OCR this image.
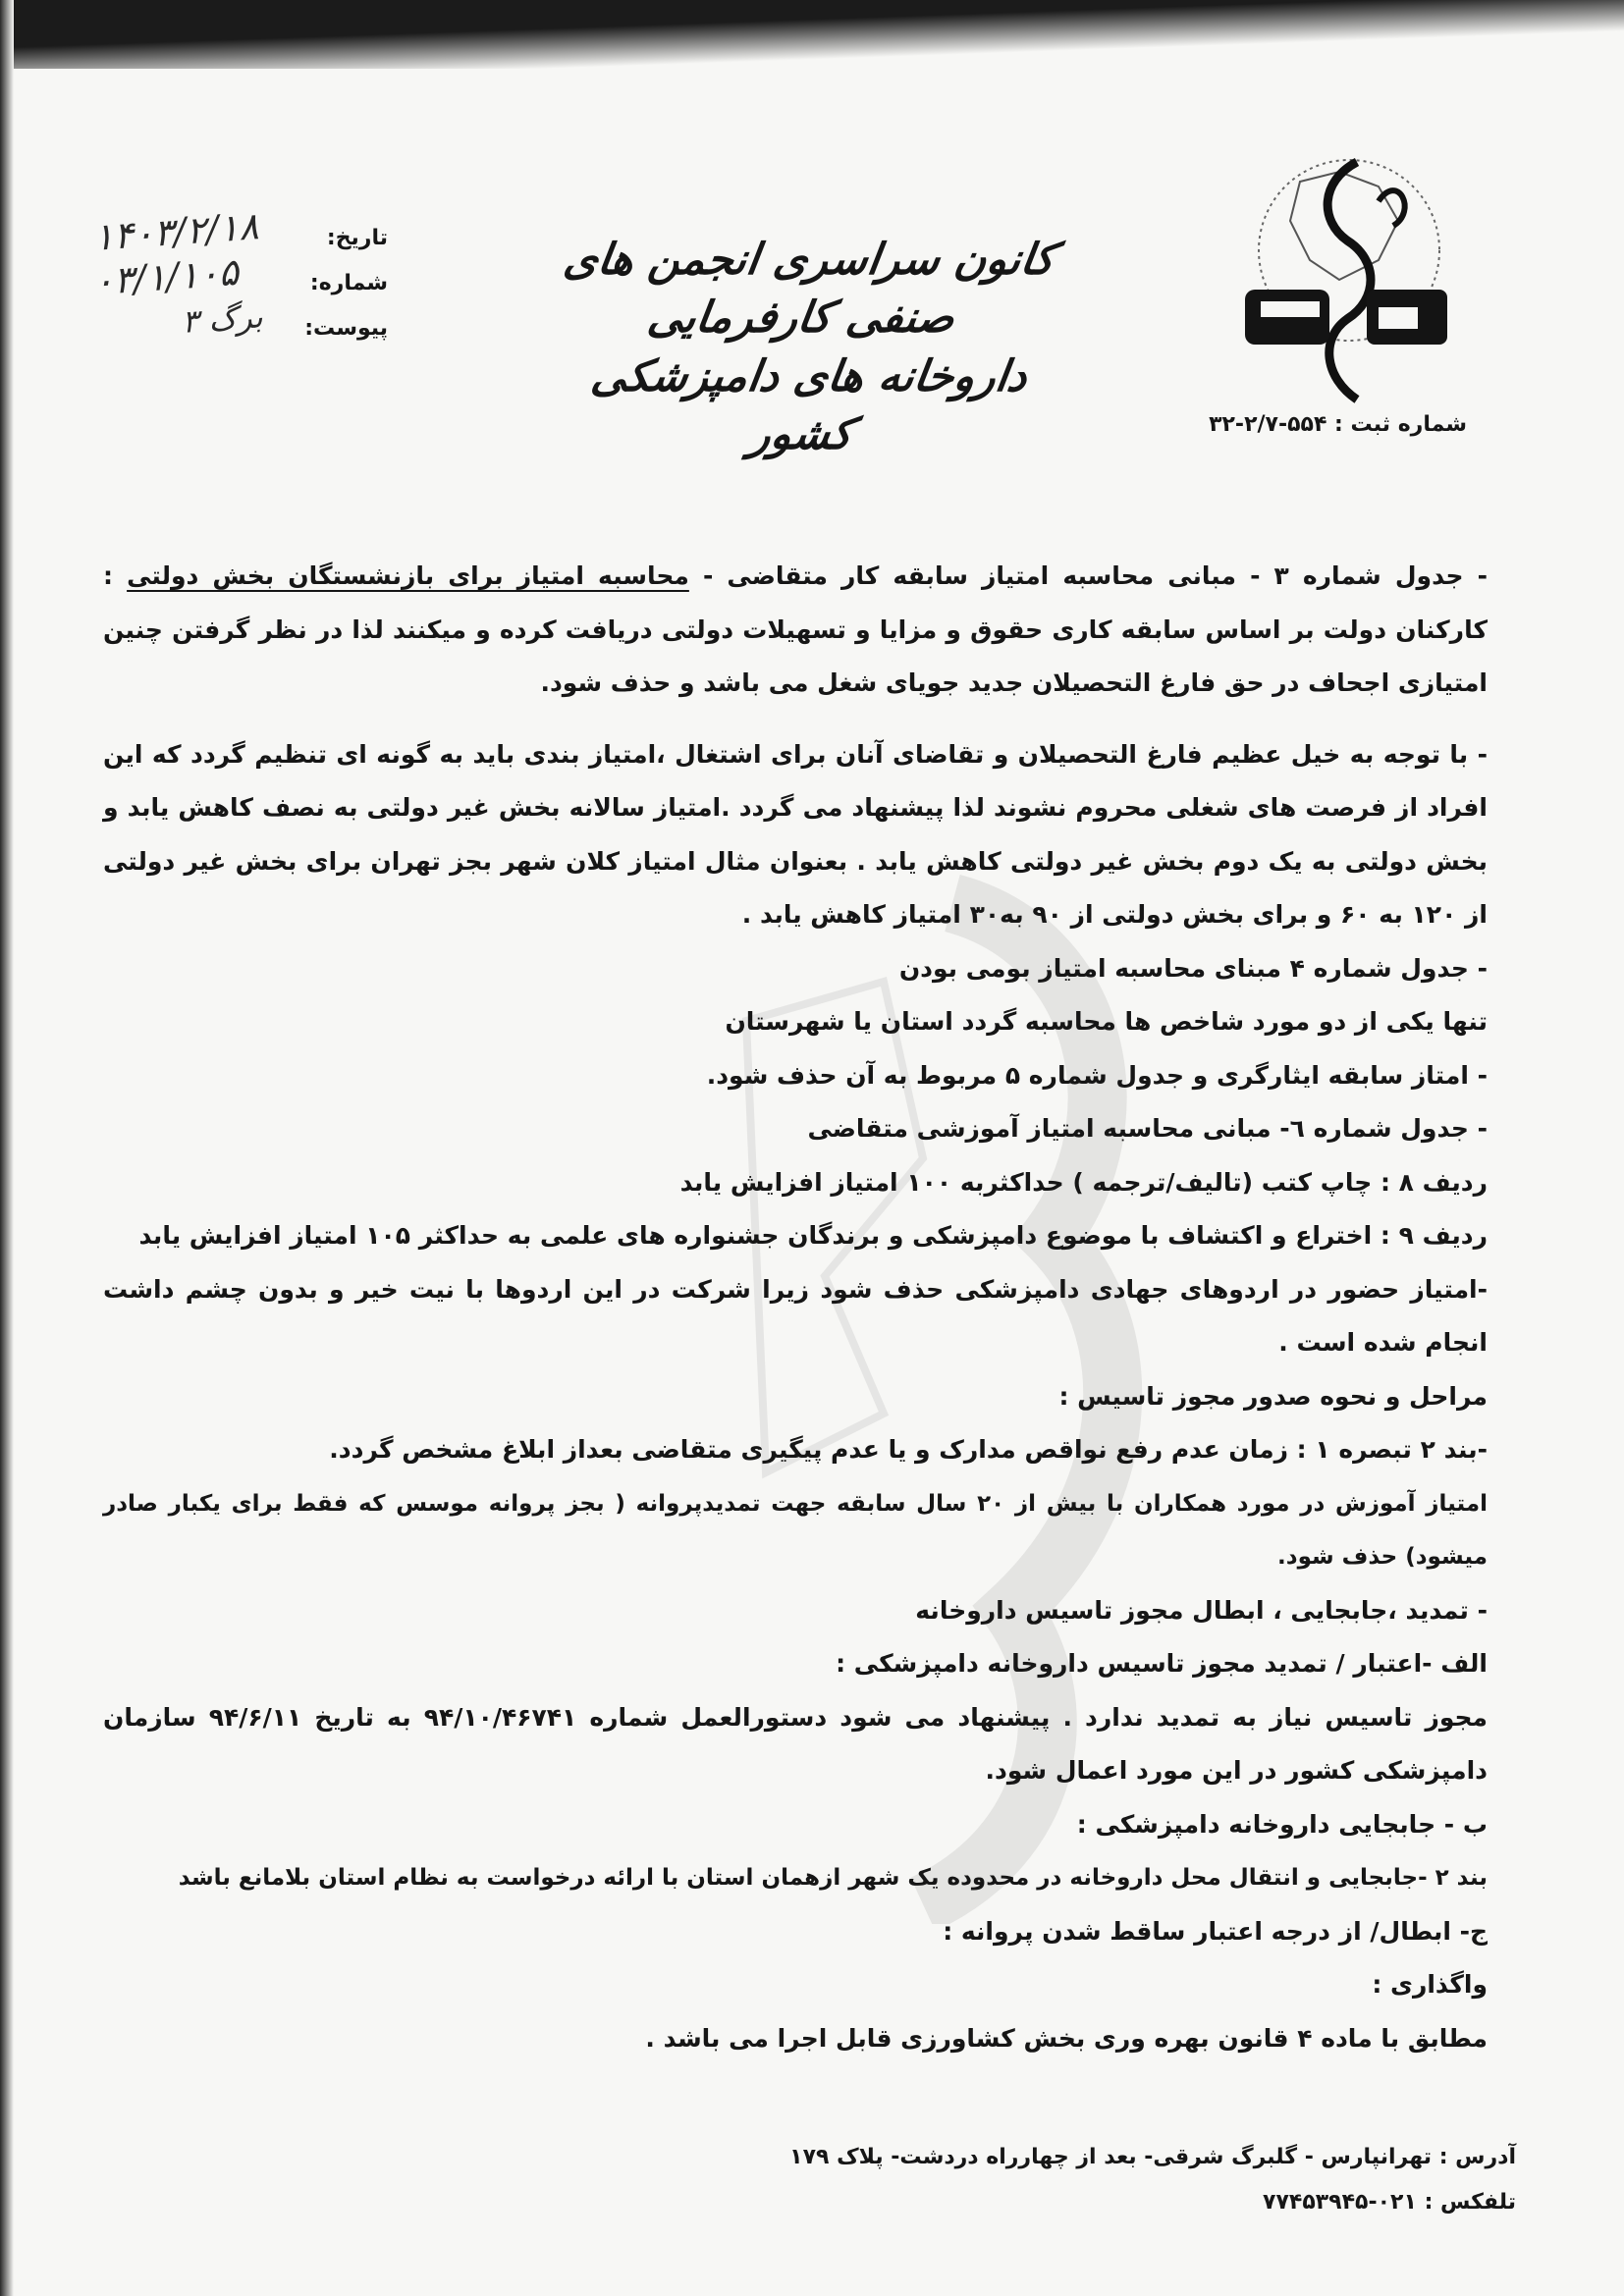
شماره ثبت : ۵۵۴-۲/۷-۳۲
کانون سراسری انجمن های صنفی کارفرمایی
داروخانه های دامپزشکی کشور
تاریخ:
۱۴۰۳/۲/۱۸
شماره:
۰۳/۱/۱۰۵
پیوست:
۳ برگ

- جدول شماره ۳ - مبانی محاسبه امتیاز سابقه کار متقاضی - محاسبه امتیاز برای بازنشستگان بخش دولتی : کارکنان دولت بر اساس سابقه کاری حقوق و مزایا و تسهیلات دولتی دریافت کرده و میکنند لذا در نظر گرفتن چنین امتیازی اجحاف در حق فارغ التحصیلان جدید جویای شغل می باشد و حذف شود.

- با توجه به خیل عظیم فارغ التحصیلان و تقاضای آنان برای اشتغال ،امتیاز بندی باید به گونه ای تنظیم گردد که این افراد از فرصت های شغلی محروم نشوند لذا پیشنهاد می گردد .امتیاز سالانه بخش غیر دولتی به نصف کاهش یابد و بخش دولتی به یک دوم بخش غیر دولتی کاهش یابد . بعنوان مثال امتیاز کلان شهر بجز تهران برای بخش غیر دولتی از ۱۲۰ به ۶۰ و برای بخش دولتی از ۹۰ به۳۰ امتیاز کاهش یابد .

- جدول شماره ۴ مبنای محاسبه امتیاز بومی بودن

تنها یکی از دو مورد شاخص ها محاسبه گردد استان یا شهرستان

- امتاز سابقه ایثارگری و جدول شماره ۵ مربوط به آن حذف شود.

- جدول شماره ٦- مبانی محاسبه امتیاز آموزشی متقاضی

ردیف ۸ : چاپ کتب (تالیف/ترجمه ) حداکثربه ۱۰۰ امتیاز افزایش یابد

ردیف ۹ : اختراع و اکتشاف با موضوع دامپزشکی و برندگان جشنواره های علمی به حداکثر ۱۰۵ امتیاز افزایش یابد

-امتیاز حضور در اردوهای جهادی دامپزشکی حذف شود زیرا شرکت در این اردوها با نیت خیر و بدون چشم داشت انجام شده است .

مراحل و نحوه صدور مجوز تاسیس :

-بند ۲ تبصره ۱ : زمان عدم رفع نواقص مدارک و یا عدم پیگیری متقاضی بعداز ابلاغ مشخص گردد.

امتیاز آموزش در مورد همکاران با بیش از ۲۰ سال سابقه جهت تمدیدپروانه ( بجز پروانه موسس که فقط برای یکبار صادر میشود) حذف شود.

- تمدید ،جابجایی ، ابطال مجوز تاسیس داروخانه

الف -اعتبار / تمدید مجوز تاسیس داروخانه دامپزشکی :

مجوز تاسیس نیاز به تمدید ندارد . پیشنهاد می شود دستورالعمل شماره ۹۴/۱۰/۴۶۷۴۱ به تاریخ ۹۴/۶/۱۱ سازمان دامپزشکی کشور در این مورد اعمال شود.

ب - جابجایی داروخانه دامپزشکی :

بند ۲ -جابجایی و انتقال محل داروخانه در محدوده یک شهر ازهمان استان با ارائه درخواست به نظام استان بلامانع باشد

ج- ابطال/ از درجه اعتبار ساقط شدن پروانه :

واگذاری :

مطابق با ماده ۴ قانون بهره وری بخش کشاورزی قابل اجرا می باشد .

آدرس : تهرانپارس - گلبرگ شرقی- بعد از چهارراه دردشت- پلاک ۱۷۹
تلفکس : ۰۲۱-۷۷۴۵۳۹۴۵
